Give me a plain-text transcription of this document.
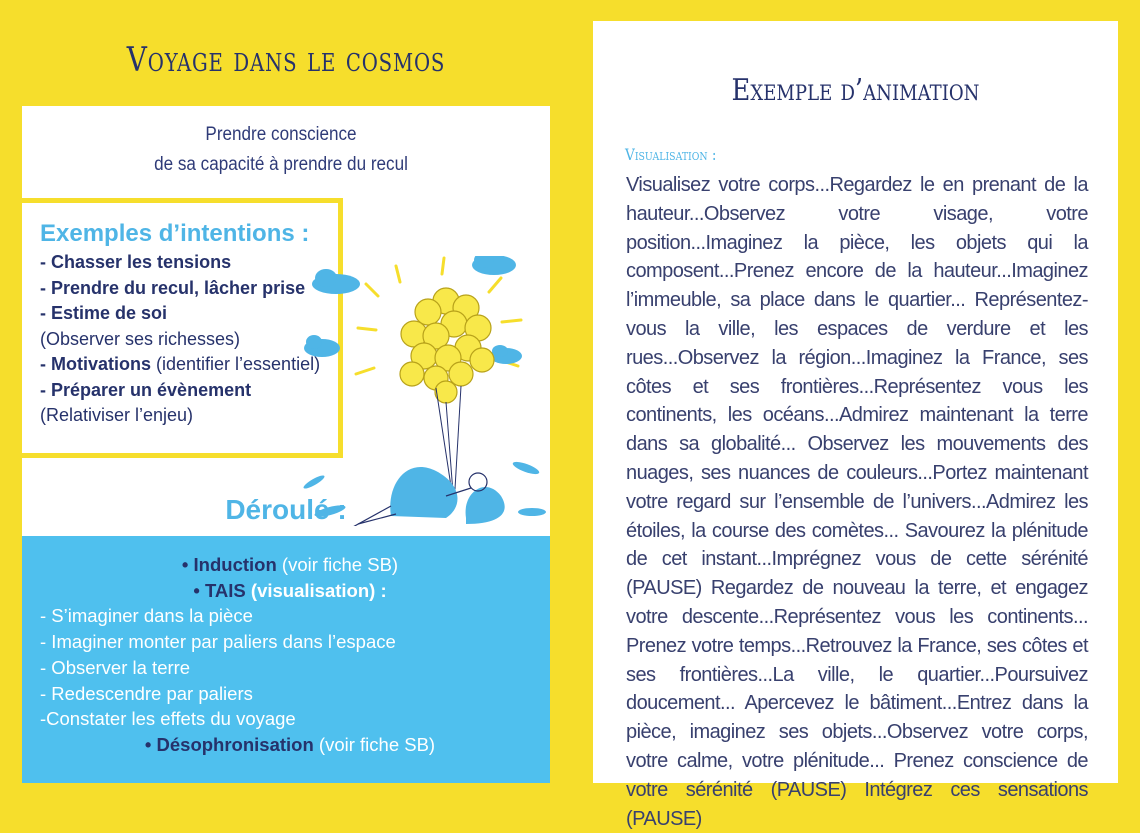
Voyage dans le cosmos
Prendre conscience
de sa capacité à prendre du recul
Exemples d’intentions :
- Chasser les tensions
- Prendre du recul, lâcher prise
- Estime de soi
(Observer ses richesses)
- Motivations (identifier l’essentiel)
- Préparer un évènement
(Relativiser l’enjeu)
Déroulé :
• Induction (voir fiche SB)
• TAIS (visualisation) :
- S’imaginer dans la pièce
- Imaginer monter par paliers dans l’espace
- Observer la terre
- Redescendre par paliers
-Constater les effets du voyage
• Désophronisation (voir fiche SB)
Exemple d’animation
Visualisation :
Visualisez votre corps...Regardez le en prenant de la hauteur...Observez votre visage, votre position...Imaginez la pièce, les objets qui la composent...Prenez encore de la hauteur...Imaginez l’immeuble, sa place dans le quartier... Représentez-vous la ville, les espaces de verdure et les rues...Observez la région...Imaginez la France, ses côtes et ses frontières...Représentez vous les continents, les océans...Admirez maintenant la terre dans sa globalité... Observez les mouvements des nuages, ses nuances de couleurs...Portez maintenant votre regard sur l’ensemble de l’univers...Admirez les étoiles, la course des comètes... Savourez la plénitude de cet instant...Imprégnez vous de cette sérénité (PAUSE) Regardez de nouveau la terre, et engagez votre descente...Représentez vous les continents... Prenez votre temps...Retrouvez la France, ses côtes et ses frontières...La ville, le quartier...Poursuivez doucement... Apercevez le bâtiment...Entrez dans la pièce, imaginez ses objets...Observez votre corps, votre calme, votre plénitude... Prenez conscience de votre sérénité (PAUSE) Intégrez ces sensations (PAUSE)
